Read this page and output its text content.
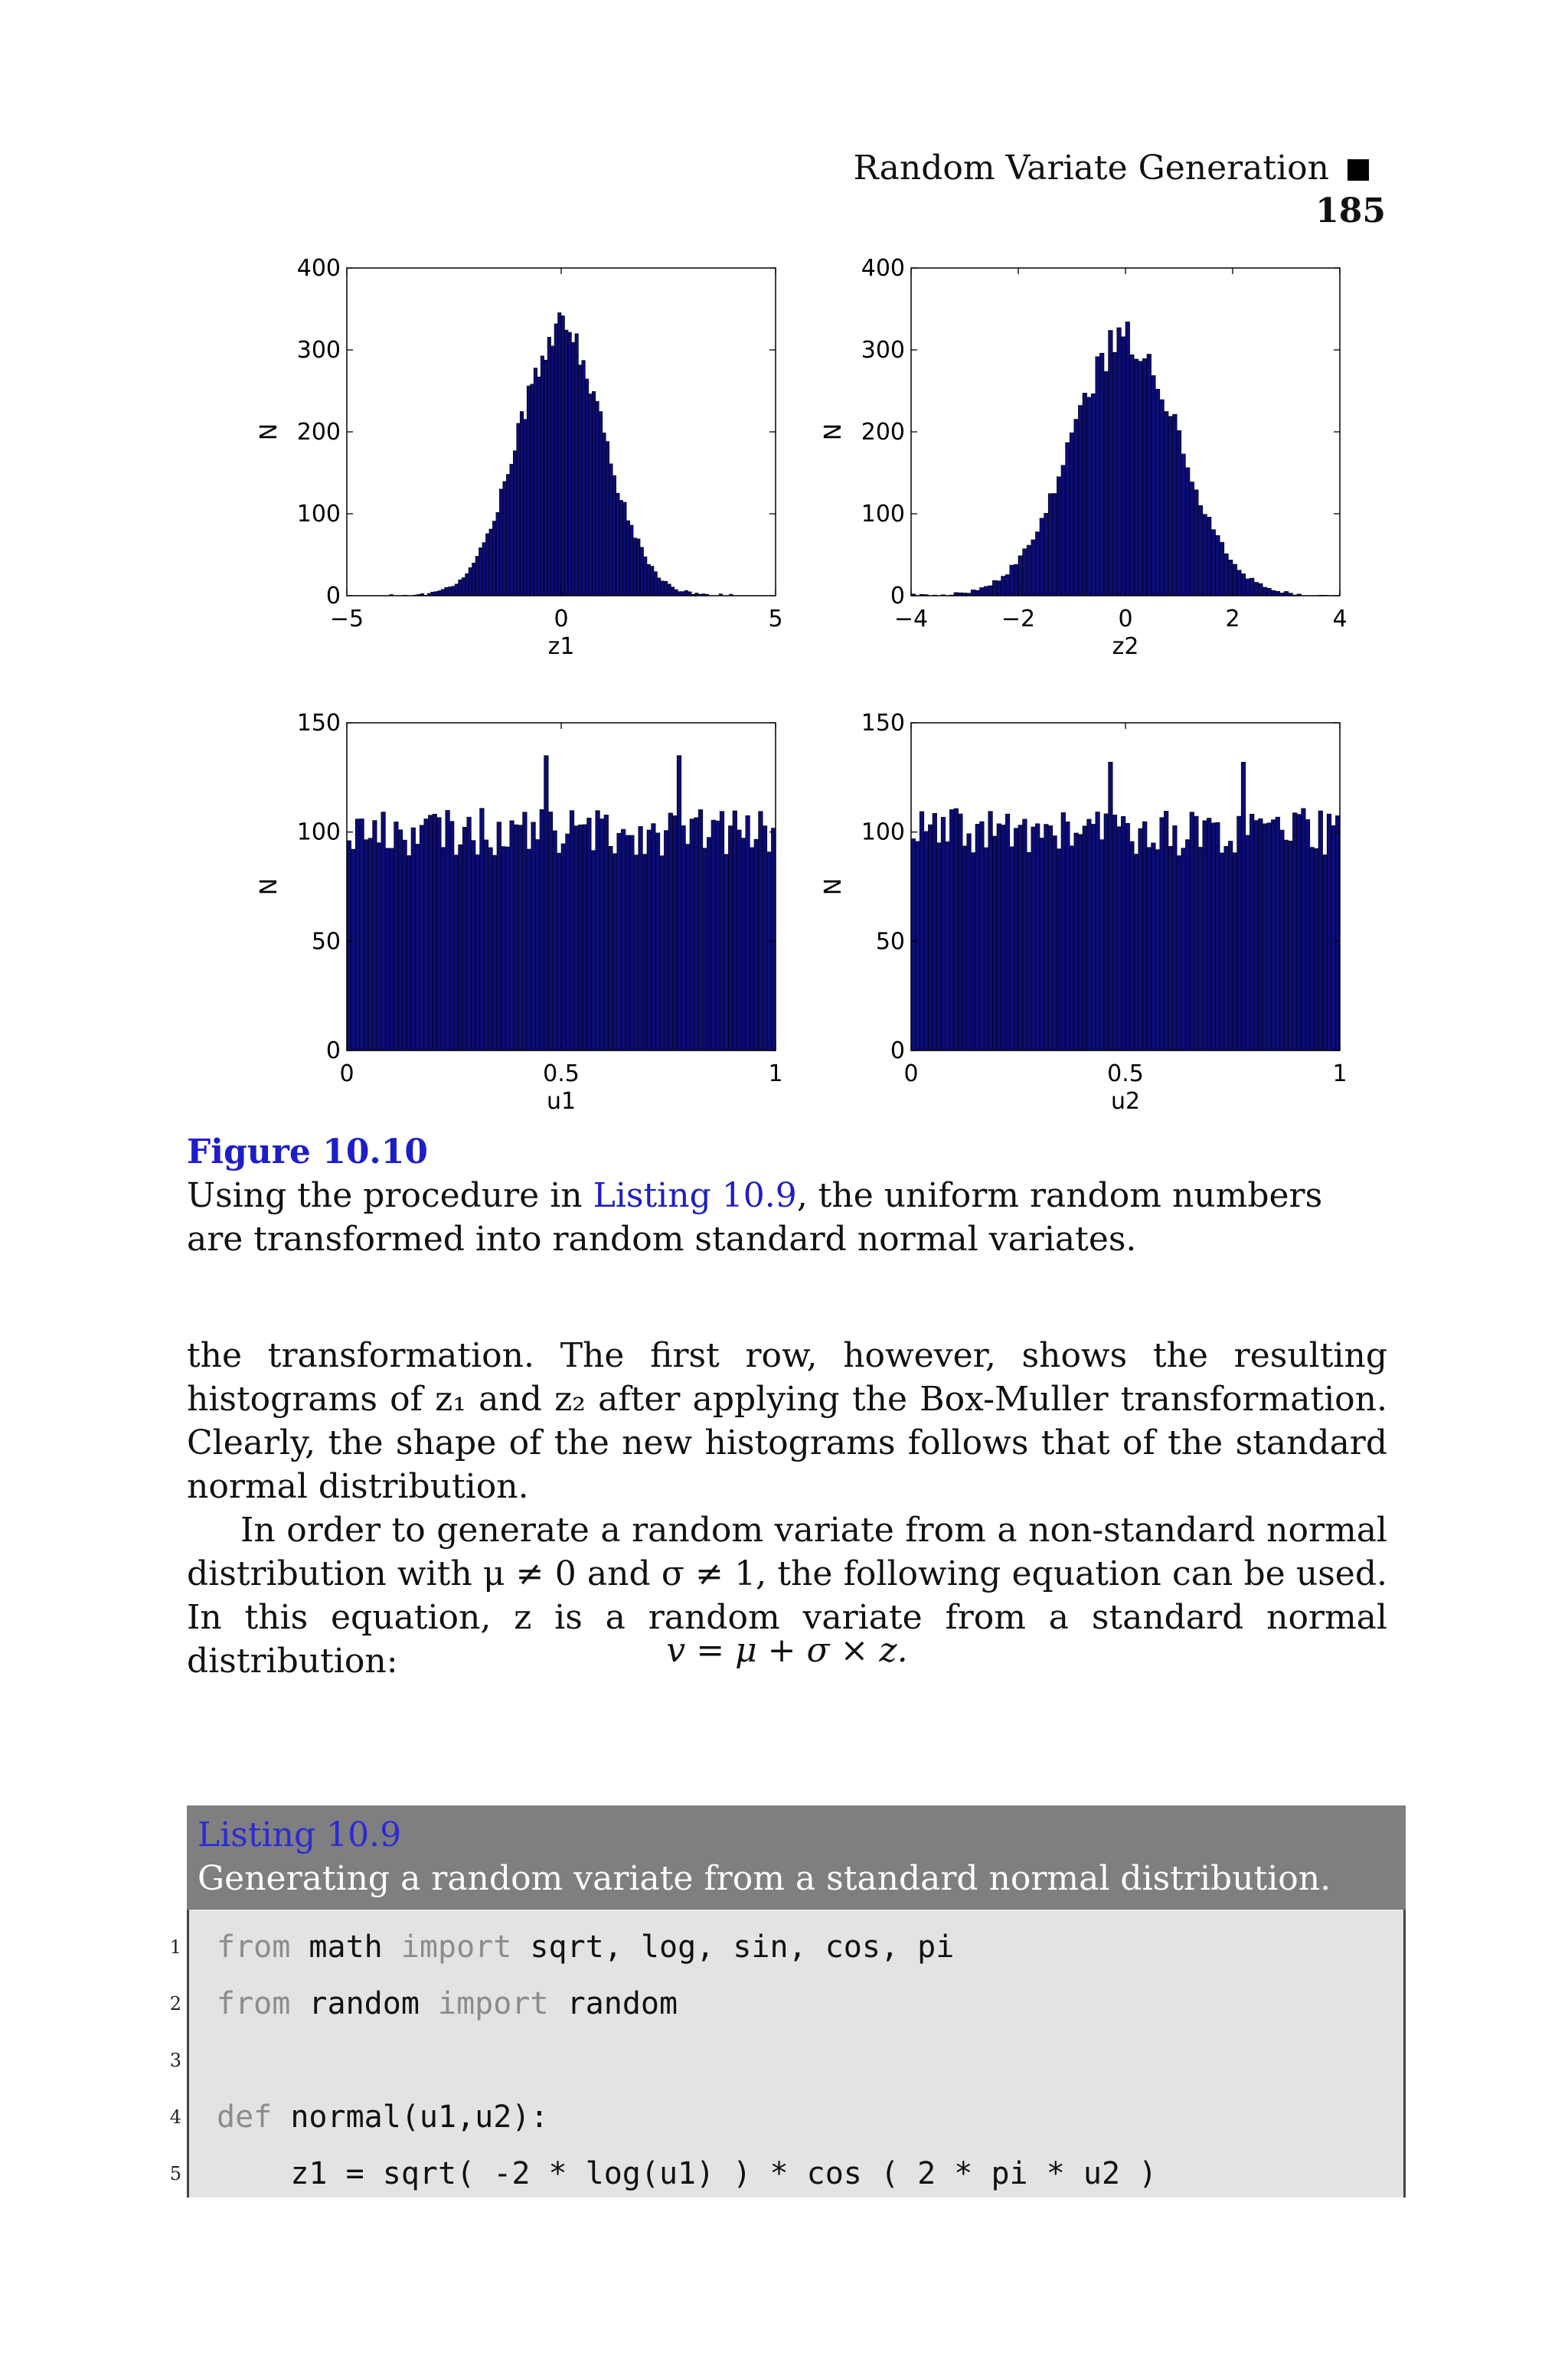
Random Variate Generation185
0
100
200
300
400
−5	0	5
z1
N
0
100
200
300
400
−4	−2	0	2	4
z2
N
0
50
100
150
0	0.5	1
u1
N
0
50
100
150
0	0.5	1
u2
N
Figure 10.10
Using the procedure in Listing 10.9, the uniform random numbers are transformed into random standard normal variates.

the transformation. The first row, however, shows the resulting histograms of z₁ and z₂ after applying the Box-Muller transformation. Clearly, the shape of the new histograms follows that of the standard normal distribution.

In order to generate a random variate from a non-standard normal distribution with μ ≠ 0 and σ ≠ 1, the following equation can be used. In this equation, z is a random variate from a standard normal distribution:	v = μ + σ × z.
Listing 10.9
Generating a random variate from a standard normal distribution.
1 from math import sqrt, log, sin, cos, pi
2 from random import random
3
4 def normal(u1,u2):
5 z1 = sqrt( -2 * log(u1) ) * cos ( 2 * pi * u2 )
